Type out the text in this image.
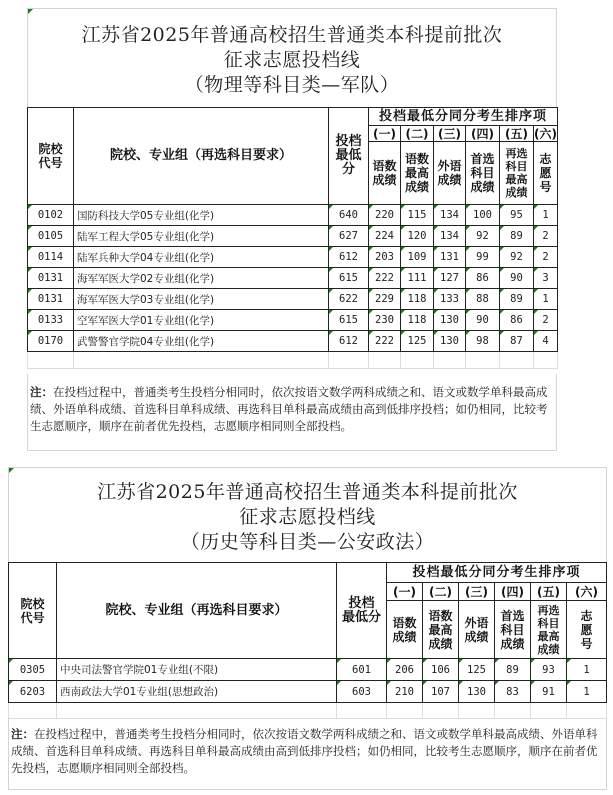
江苏省2025年普通高校招生普通类本科提前批次
征求志愿投档线
（物理等科目类—军队）
院校
代号	院校、专业组（再选科目要求）	
投档
最低
分
	投档最低分同分考生排序项
			(一)	(二)	(三)	(四)	(五)	(六)

语数
成绩

语数
最高
成绩

外语
成绩

首选
科目
成绩

再选
科目
最高
成绩

志
愿
号

0102	国防科技大学05专业组(化学)	640	220	115	134	100	95	1

0105	陆军工程大学05专业组(化学)	627	224	120	134	92	89	2

0114	陆军兵种大学04专业组(化学)	612	203	109	131	99	92	2

0131	海军军医大学02专业组(化学)	615	222	111	127	86	90	3

0131	海军军医大学03专业组(化学)	622	229	118	133	88	89	1

0133	空军军医大学01专业组(化学)	615	230	118	130	90	86	2

0170	武警警官学院04专业组(化学)	612	222	125	130	98	87	4

注：在投档过程中，普通类考生投档分相同时，依次按语文数学两科成绩之和、语文或数学单科最高成绩、外语单科成绩、首选科目单科成绩、再选科目单科最高成绩由高到低排序投档；如仍相同，比较考生志愿顺序，顺序在前者优先投档，志愿顺序相同则全部投档。
江苏省2025年普通高校招生普通类本科提前批次
征求志愿投档线
（历史等科目类—公安政法）
院校
代号	院校、专业组（再选科目要求）	投档
最低分
	投档最低分同分考生排序项
			(一)	(二)	(三)	(四)	(五)	(六)

语数
成绩

语数
最高
成绩

外语
成绩

首选
科目
成绩

再选
科目
最高
成绩

志
愿
号

0305	中央司法警官学院01专业组(不限)	601	206	106	125	89	93	1

6203	西南政法大学01专业组(思想政治)	603	210	107	130	83	91	1

注：在投档过程中，普通类考生投档分相同时，依次按语文数学两科成绩之和、语文或数学单科最高成绩、外语单科成绩、首选科目单科成绩、再选科目单科最高成绩由高到低排序投档；如仍相同，比较考生志愿顺序，顺序在前者优先投档，志愿顺序相同则全部投档。
